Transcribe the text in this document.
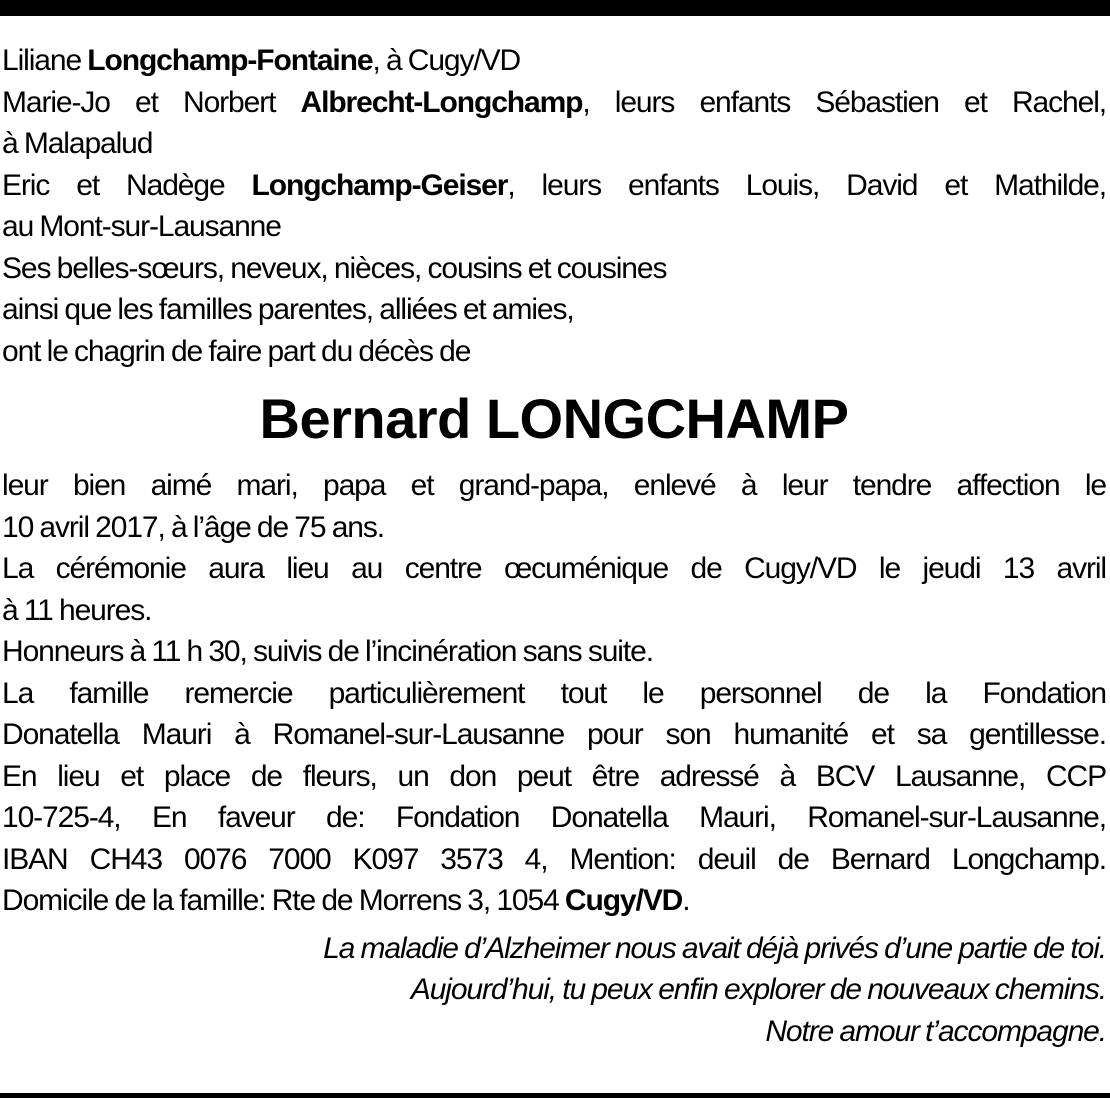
Liliane Longchamp-Fontaine, à Cugy/VD
Marie-Jo et Norbert Albrecht-Longchamp, leurs enfants Sébastien et Rachel,
à Malapalud
Eric et Nadège Longchamp-Geiser, leurs enfants Louis, David et Mathilde,
au Mont-sur-Lausanne
Ses belles-sœurs, neveux, nièces, cousins et cousines
ainsi que les familles parentes, alliées et amies,
ont le chagrin de faire part du décès de
Bernard LONGCHAMP
leur bien aimé mari, papa et grand-papa, enlevé à leur tendre affection le
10 avril 2017, à l’âge de 75 ans.
La cérémonie aura lieu au centre œcuménique de Cugy/VD le jeudi 13 avril
à 11 heures.
Honneurs à 11 h 30, suivis de l’incinération sans suite.
La famille remercie particulièrement tout le personnel de la Fondation
Donatella Mauri à Romanel-sur-Lausanne pour son humanité et sa gentillesse.
En lieu et place de fleurs, un don peut être adressé à BCV Lausanne, CCP
10-725-4, En faveur de: Fondation Donatella Mauri, Romanel-sur-Lausanne,
IBAN CH43 0076 7000 K097 3573 4, Mention: deuil de Bernard Longchamp.
Domicile de la famille: Rte de Morrens 3, 1054 Cugy/VD.
La maladie d’Alzheimer nous avait déjà privés d’une partie de toi.
Aujourd’hui, tu peux enfin explorer de nouveaux chemins.
Notre amour t’accompagne.
